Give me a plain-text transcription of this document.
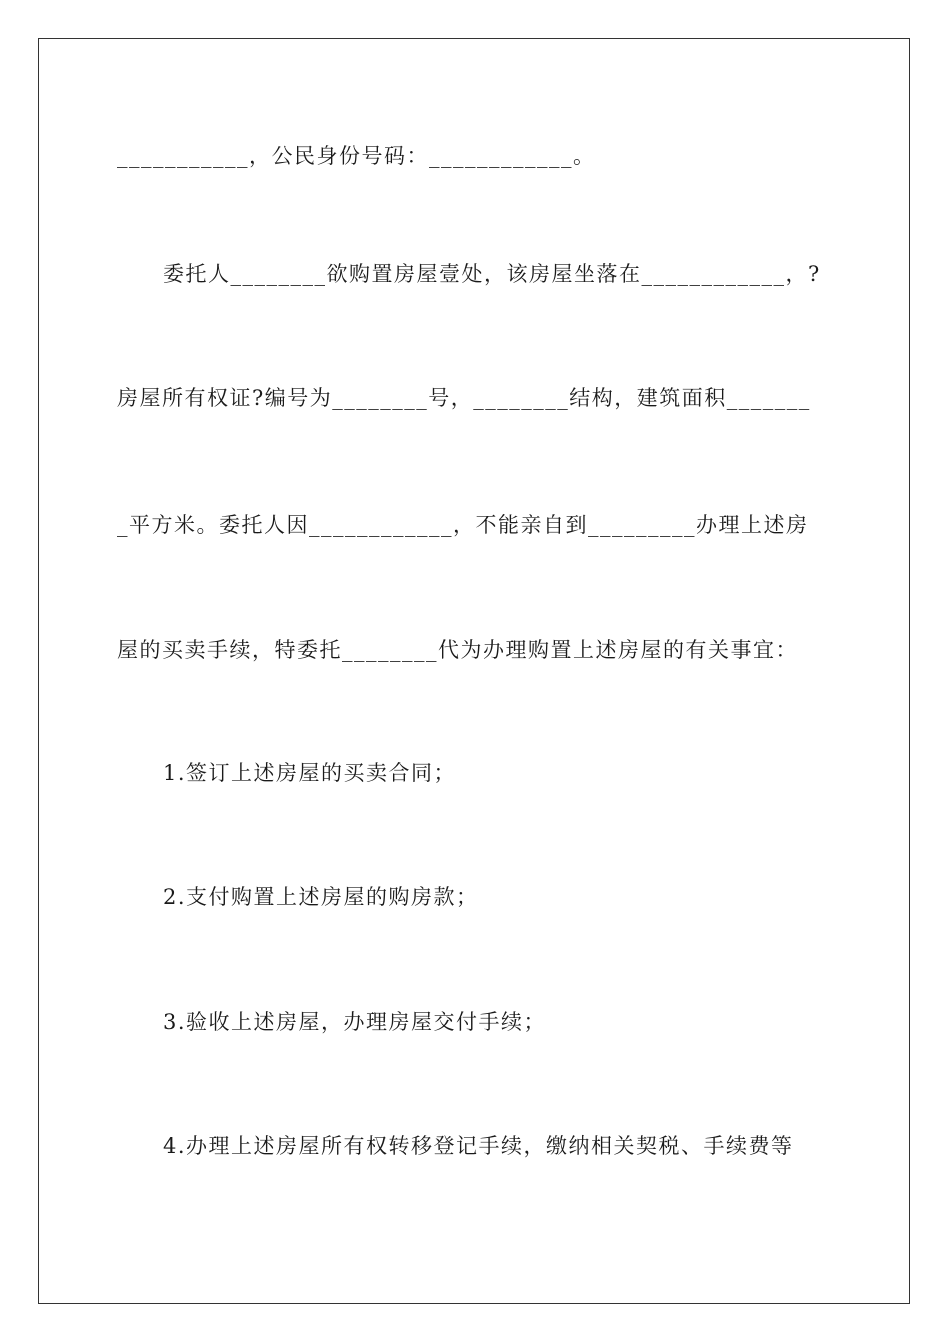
___________，公民身份号码：____________。
委托人________欲购置房屋壹处，该房屋坐落在____________，?
房屋所有权证?编号为________号，________结构，建筑面积_______
_平方米。委托人因____________，不能亲自到_________办理上述房
屋的买卖手续，特委托________代为办理购置上述房屋的有关事宜：
1.签订上述房屋的买卖合同；
2.支付购置上述房屋的购房款；
3.验收上述房屋，办理房屋交付手续；
4.办理上述房屋所有权转移登记手续，缴纳相关契税、手续费等
